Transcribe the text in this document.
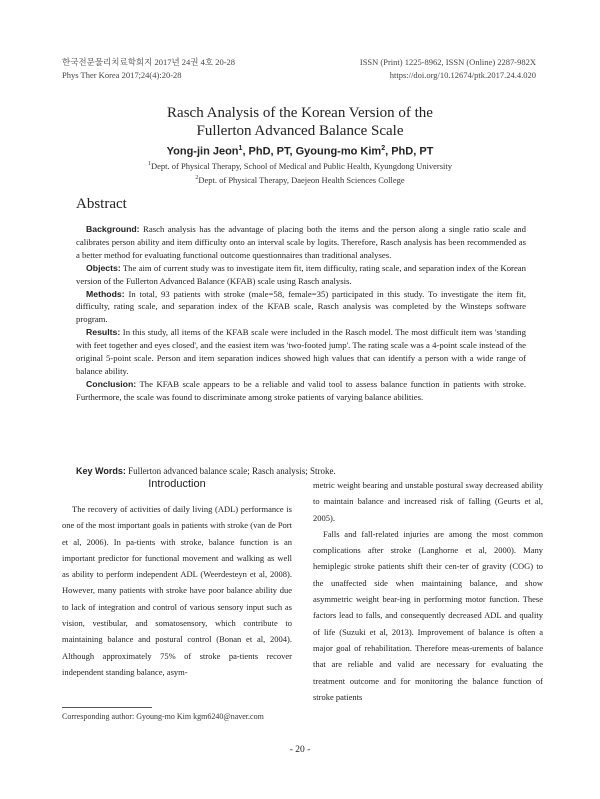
한국전문물리치료학회지 2017년 24권 4호 20-28
Phys Ther Korea 2017;24(4):20-28
ISSN (Print) 1225-8962, ISSN (Online) 2287-982X
https://doi.org/10.12674/ptk.2017.24.4.020
Rasch Analysis of the Korean Version of the
Fullerton Advanced Balance Scale
Yong-jin Jeon$^1$, PhD, PT, Gyoung-mo Kim$^2$, PhD, PT
$^1$Dept. of Physical Therapy, School of Medical and Public Health, Kyungdong University
$^2$Dept. of Physical Therapy, Daejeon Health Sciences College
Abstract

Background: Rasch analysis has the advantage of placing both the items and the person along a single ratio scale and calibrates person ability and item difficulty onto an interval scale by logits. Therefore, Rasch analysis has been recommended as a better method for evaluating functional outcome questionnaires than traditional analyses.

Objects: The aim of current study was to investigate item fit, item difficulty, rating scale, and separation index of the Korean version of the Fullerton Advanced Balance (KFAB) scale using Rasch analysis.

Methods: In total, 93 patients with stroke (male=58, female=35) participated in this study. To investigate the item fit, difficulty, rating scale, and separation index of the KFAB scale, Rasch analysis was completed by the Winsteps software program.

Results: In this study, all items of the KFAB scale were included in the Rasch model. The most difficult item was 'standing with feet together and eyes closed', and the easiest item was 'two-footed jump'. The rating scale was a 4-point scale instead of the original 5-point scale. Person and item separation indices showed high values that can identify a person with a wide range of balance ability.

Conclusion: The KFAB scale appears to be a reliable and valid tool to assess balance function in patients with stroke. Furthermore, the scale was found to discriminate among stroke patients of varying balance abilities.

Key Words: Fullerton advanced balance scale; Rasch analysis; Stroke.
Introduction

The recovery of activities of daily living (ADL) performance is one of the most important goals in patients with stroke (van de Port et al, 2006). In pa-tients with stroke, balance function is an important predictor for functional movement and walking as well as ability to perform independent ADL (Weerdesteyn et al, 2008). However, many patients with stroke have poor balance ability due to lack of integration and control of various sensory input such as vision, vestibular, and somatosensory, which contribute to maintaining balance and postural control (Bonan et al, 2004). Although approximately 75% of stroke pa-tients recover independent standing balance, asym-

metric weight bearing and unstable postural sway decreased ability to maintain balance and increased risk of falling (Geurts et al, 2005).

Falls and fall-related injuries are among the most common complications after stroke (Langhorne et al, 2000). Many hemiplegic stroke patients shift their cen-ter of gravity (COG) to the unaffected side when maintaining balance, and show asymmetric weight bear-ing in performing motor function. These factors lead to falls, and consequently decreased ADL and quality of life (Suzuki et al, 2013). Improvement of balance is often a major goal of rehabilitation. Therefore meas-urements of balance that are reliable and valid are necessary for evaluating the treatment outcome and for monitoring the balance function of stroke patients

Corresponding author: Gyoung-mo Kim kgm6240@naver.com
- 20 -
